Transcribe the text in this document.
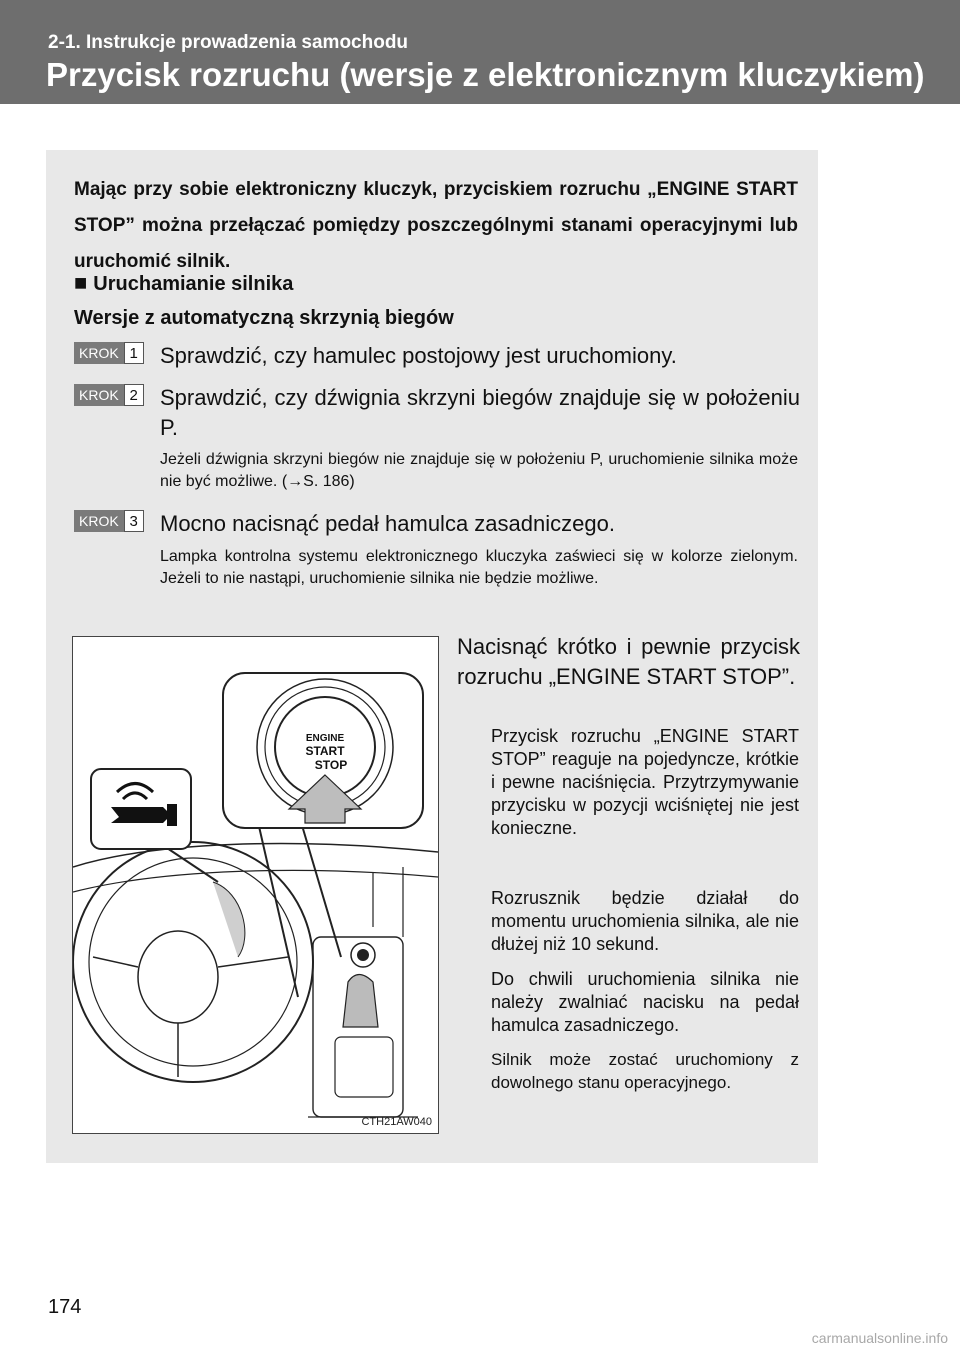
2-1. Instrukcje prowadzenia samochodu
Przycisk rozruchu (wersje z elektronicznym kluczykiem)
Mając przy sobie elektroniczny kluczyk, przyciskiem rozruchu „ENGINE START STOP” można przełączać pomiędzy poszczególnymi stanami operacyjnymi lub uruchomić silnik.
■ Uruchamianie silnika
Wersje z automatyczną skrzynią biegów
KROK 1 Sprawdzić, czy hamulec postojowy jest uruchomiony.
KROK 2 Sprawdzić, czy dźwignia skrzyni biegów znajduje się w położeniu P.
Jeżeli dźwignia skrzyni biegów nie znajduje się w położeniu P, uruchomienie silnika może nie być możliwe. (→S. 186)
KROK 3 Mocno nacisnąć pedał hamulca zasadniczego.
Lampka kontrolna systemu elektronicznego kluczyka zaświeci się w kolorze zielonym. Jeżeli to nie nastąpi, uruchomienie silnika nie będzie możliwe.
ENGINE
START
STOP
CTH21AW040
Nacisnąć krótko i pewnie przycisk rozruchu „ENGINE START STOP”.
Przycisk rozruchu „ENGINE START STOP” reaguje na pojedyncze, krótkie i pewne naciśnięcia. Przytrzymywanie przycisku w pozycji wciśniętej nie jest konieczne.
Rozrusznik będzie działał do momentu uruchomienia silnika, ale nie dłużej niż 10 sekund.
Do chwili uruchomienia silnika nie należy zwalniać nacisku na pedał hamulca zasadniczego.
Silnik może zostać uruchomiony z dowolnego stanu operacyjnego.
174
carmanualsonline.info
